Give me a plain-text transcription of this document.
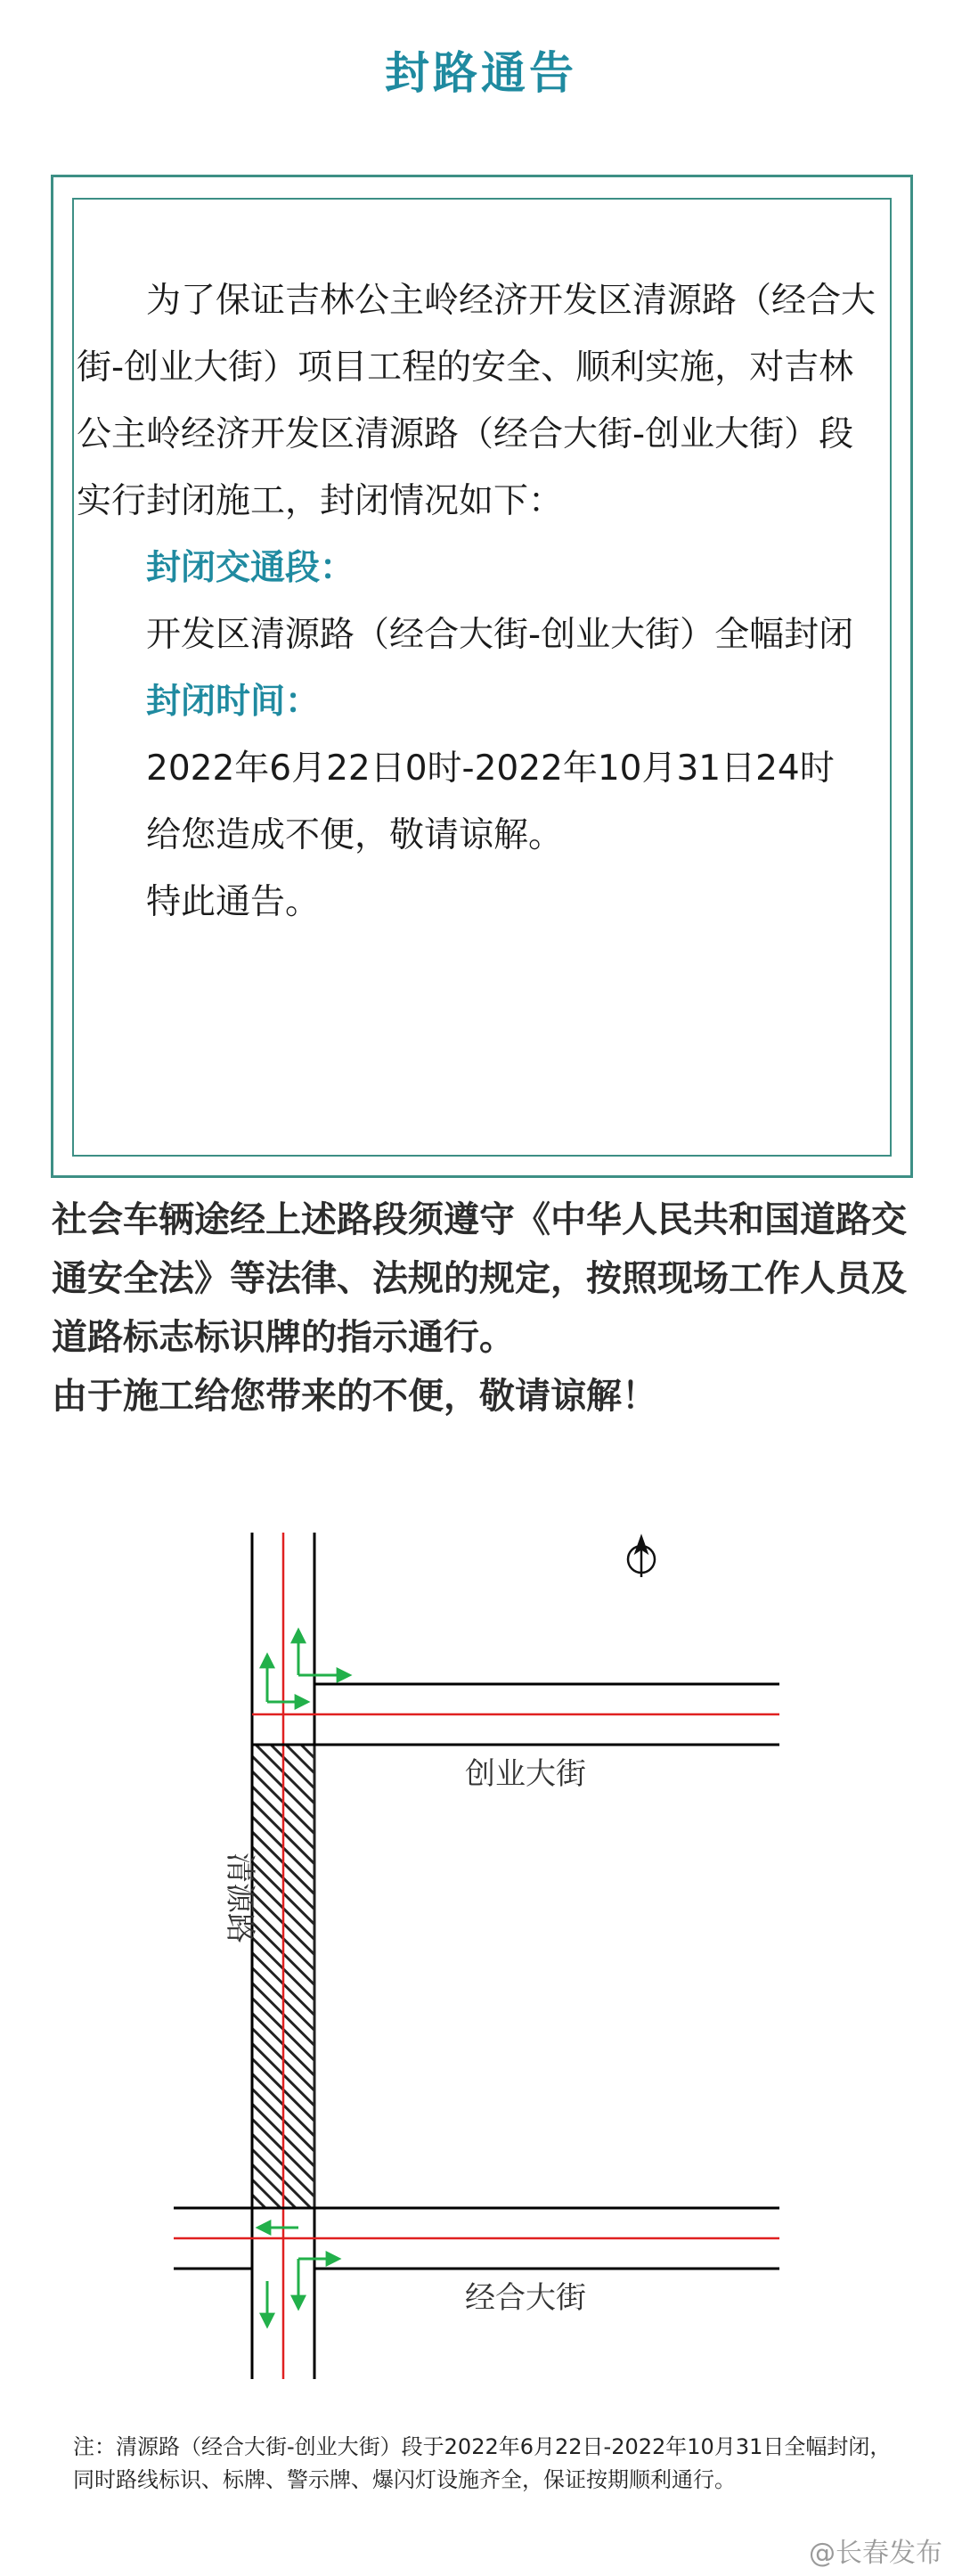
封路通告

为了保证吉林公主岭经济开发区清源路（经合大街-创业大街）项目工程的安全、顺利实施，对吉林公主岭经济开发区清源路（经合大街-创业大街）段实行封闭施工，封闭情况如下：

封闭交通段：

开发区清源路（经合大街-创业大街）全幅封闭

封闭时间：

2022年6月22日0时-2022年10月31日24时

给您造成不便，敬请谅解。

特此通告。

社会车辆途经上述路段须遵守《中华人民共和国道路交通安全法》等法律、法规的规定，按照现场工作人员及道路标志标识牌的指示通行。

由于施工给您带来的不便，敬请谅解！

创业大街
经合大街
清源路
注：清源路（经合大街-创业大街）段于2022年6月22日-2022年10月31日全幅封闭，同时路线标识、标牌、警示牌、爆闪灯设施齐全，保证按期顺利通行。
@长春发布
